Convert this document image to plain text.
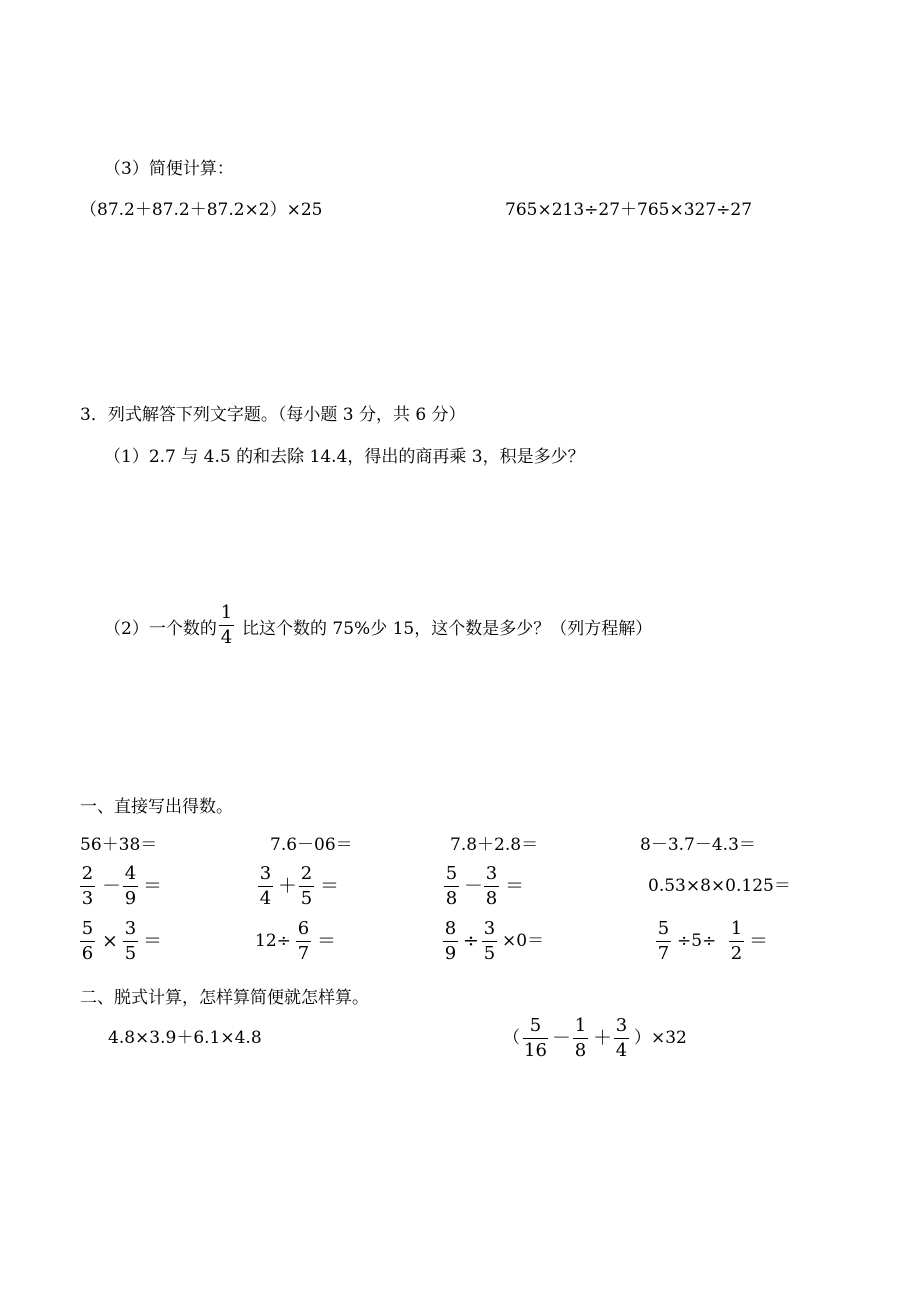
（3）简便计算：
（87.2＋87.2＋87.2×2）×25	765×213÷27＋765×327÷27
3．列式解答下列文字题。（每小题 3 分，共 6 分）
（1）2.7 与 4.5 的和去除 14.4，得出的商再乘 3，积是多少？
（2）一个数的 $\frac{1}{4}$ 比这个数的 75%少 15，这个数是多少？（列方程解）
一、直接写出得数。
56＋38＝	7.6－06＝	7.8＋2.8＝	8－3.7－4.3＝
$\frac{2}{3} - \frac{4}{9}$ ＝	$\frac{3}{4} + \frac{2}{5}$ ＝	$\frac{5}{8} - \frac{3}{8}$ ＝	0.53×8×0.125＝
$\frac{5}{6} \times \frac{3}{5}$ ＝	$12\div \frac{6}{7}$ ＝	$\frac{8}{9} \div \frac{3}{5} \times 0=$	$\frac{5}{7} \div 5\div \frac{1}{2}$ ＝
二、脱式计算，怎样算简便就怎样算。
4.8×3.9＋6.1×4.8	（ $\frac{5}{16} - \frac{1}{8} + \frac{3}{4} )\times 32$
